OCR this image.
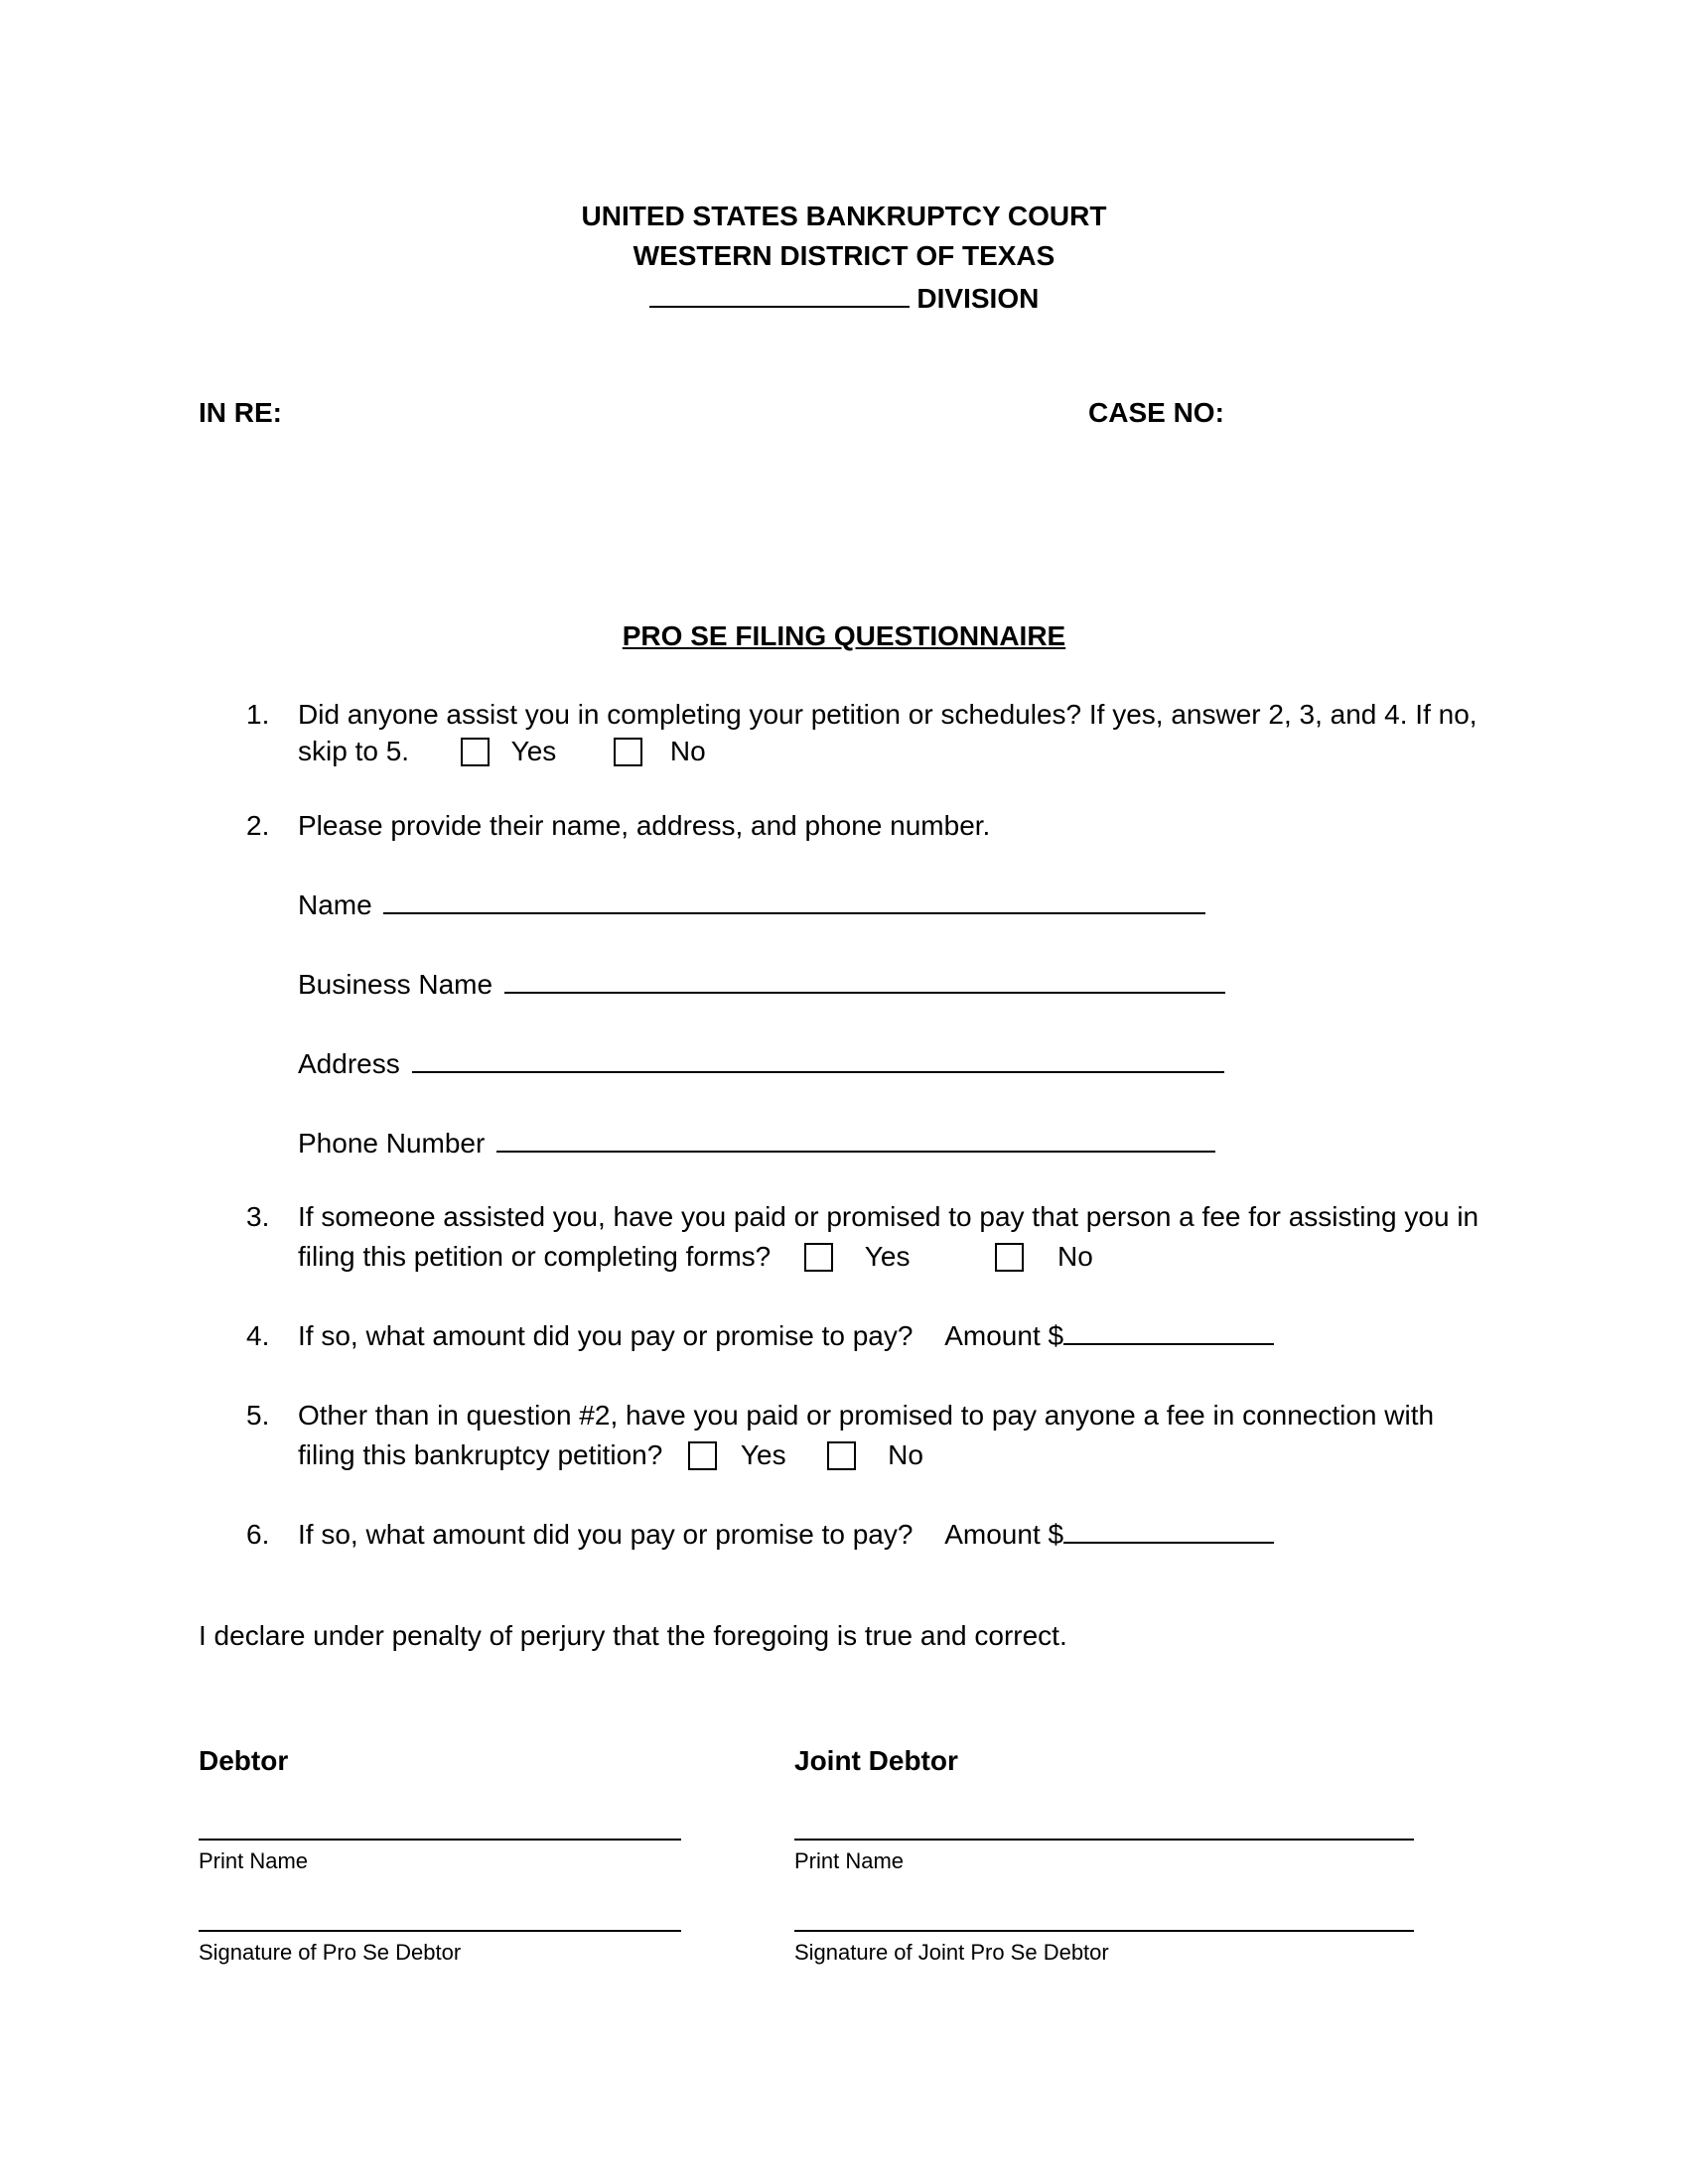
UNITED STATES BANKRUPTCY COURT
WESTERN DISTRICT OF TEXAS
DIVISION
IN RE:	CASE NO:
PRO SE FILING QUESTIONNAIRE
1. Did anyone assist you in completing your petition or schedules? If yes, answer 2, 3, and 4. If no,
skip to 5.	Yes	No
2. Please provide their name, address, and phone number.
Name
Business Name
Address
Phone Number
3. If someone assisted you, have you paid or promised to pay that person a fee for assisting you in
filing this petition or completing forms?	Yes	No
4. If so, what amount did you pay or promise to pay? Amount $
5. Other than in question #2, have you paid or promised to pay anyone a fee in connection with
filing this bankruptcy petition?	Yes	No
6. If so, what amount did you pay or promise to pay? Amount $
I declare under penalty of perjury that the foregoing is true and correct.
Debtor
Print Name
Signature of Pro Se Debtor
Joint Debtor
Print Name
Signature of Joint Pro Se Debtor
